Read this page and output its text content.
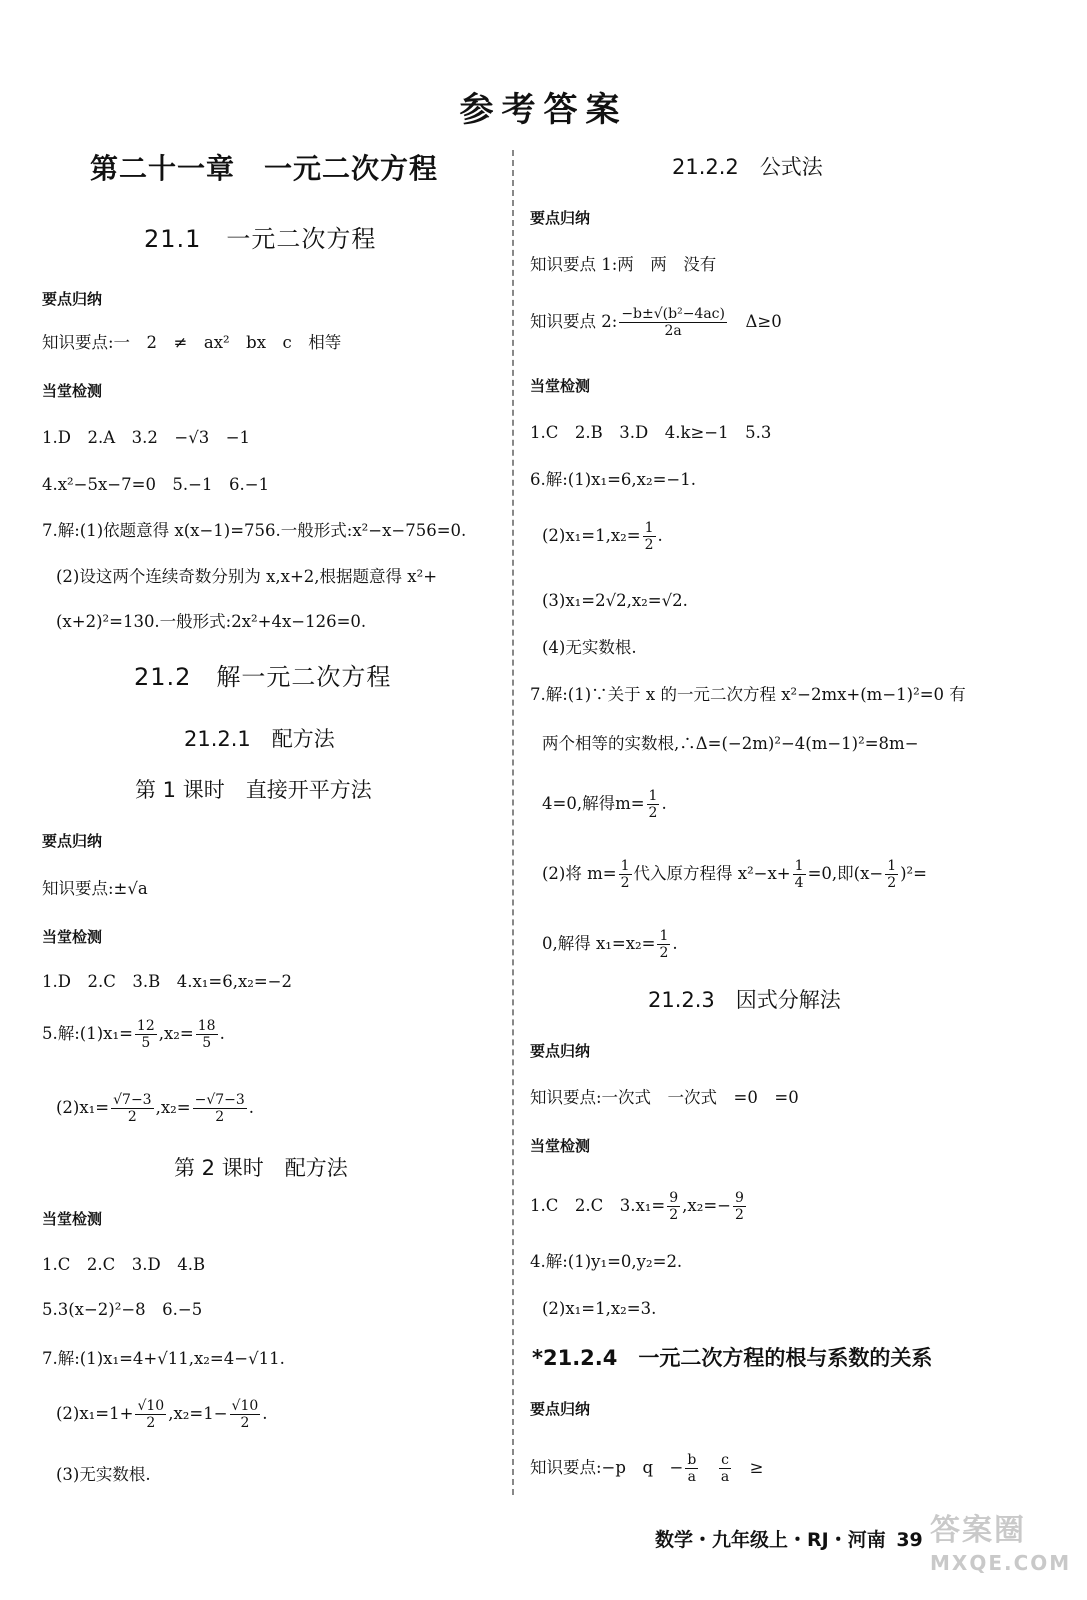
参考答案
第二十一章　一元二次方程
21.1　一元二次方程
要点归纳
知识要点:一　2　≠　ax²　bx　c　相等
当堂检测
1.D　2.A　3.2　−√3　−1
4.x²−5x−7=0　5.−1　6.−1
7.解:(1)依题意得 x(x−1)=756.一般形式:x²−x−756=0.
(2)设这两个连续奇数分别为 x,x+2,根据题意得 x²+
(x+2)²=130.一般形式:2x²+4x−126=0.
21.2　解一元二次方程
21.2.1　配方法
第 1 课时　直接开平方法
要点归纳
知识要点:±√a
当堂检测
1.D　2.C　3.B　4.x₁=6,x₂=−2
5.解:(1)x₁= $\frac{12}{5} ,x_2= \frac{18}{5}$ .
$(2)x_1= \frac{√7-3}{2} ,x_2= \frac{-√7-3}{2}$ .
第 2 课时　配方法
当堂检测
1.C　2.C　3.D　4.B
5.3(x−2)²−8　6.−5
7.解:(1)x₁=4+√11,x₂=4−√11.
$(2)x_1=1+ \frac{√10}{2} ,x_2=1- \frac{√10}{2}$ .
(3)无实数根.
21.2.2　公式法
要点归纳
知识要点 1:两　两　没有
知识要点 2: $\frac{\text{−b±√(b²−4ac)}}{2a}$
　 Δ≥0
当堂检测
1.C　2.B　3.D　4.k≥−1　5.3
6.解:(1)x₁=6,x₂=−1.
$(2)x_1=1,x_2= \frac{1}{2}$ .
(3)x₁=2√2,x₂=√2.
(4)无实数根.
7.解:(1)∵关于 x 的一元二次方程 x²−2mx+(m−1)²=0 有
两个相等的实数根,∴Δ=(−2m)²−4(m−1)²=8m−
4=0,解得$m= \frac{1}{2}$ .
(2)将 $m= \frac{1}{2}$ 代入原方程得 $x^2-x+ \frac{1}{4} =0$,即$(x- \frac{1}{2} )^2=$
0,解得 $x_1=x_2= \frac{1}{2}$ .
21.2.3　因式分解法
要点归纳
知识要点:一次式　一次式　=0　=0
当堂检测
1.C　2.C　$3.x_1= \frac{9}{2} ,x_2=- \frac{9}{2}$
4.解:(1)y₁=0,y₂=2.
(2)x₁=1,x₂=3.
*21.2.4　一元二次方程的根与系数的关系
要点归纳
知识要点:−p　q　− $\frac{b}{a}$
　 $\frac{c}{a}$
　 ≥
数学・九年级上・RJ・河南 39 答案圈
MXQE.COM
